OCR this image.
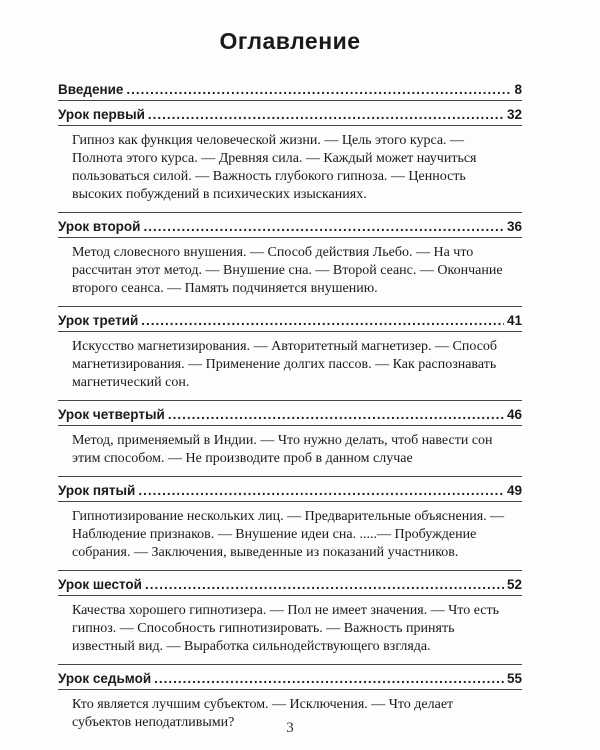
Оглавление
Введение .....	8
Урок первый .....	32
Гипноз как функция человеческой жизни. — Цель этого курса. — Полнота этого курса. — Древняя сила. — Каждый может научиться пользоваться силой. — Важность глубокого гипноза. — Ценность высоких побуждений в психических изысканиях.
Урок второй .....	36
Метод словесного внушения. — Способ действия Льебо. — На что рассчитан этот метод. — Внушение сна. — Второй сеанс. — Окончание второго сеанса. — Память подчиняется внушению.
Урок третий .....	41
Искусство магнетизирования. — Авторитетный магнетизер. — Способ магнетизирования. — Применение долгих пассов. — Как распознавать магнетический сон.
Урок четвертый .....	46
Метод, применяемый в Индии. — Что нужно делать, чтоб навести сон этим способом. — Не производите проб в данном случае
Урок пятый .....	49
Гипнотизирование нескольких лиц. — Предварительные объяснения. — Наблюдение признаков. — Внушение идеи сна. .....— Пробуждение собрания. — Заключения, выведенные из показаний участников.
Урок шестой .....	52
Качества хорошего гипнотизера. — Пол не имеет значения. — Что есть гипноз. — Способность гипнотизировать. — Важность принять известный вид. — Выработка сильнодействующего взгляда.
Урок седьмой .....	55
Кто является лучшим субъектом. — Исключения. — Что делает субъектов неподатливыми?	3
